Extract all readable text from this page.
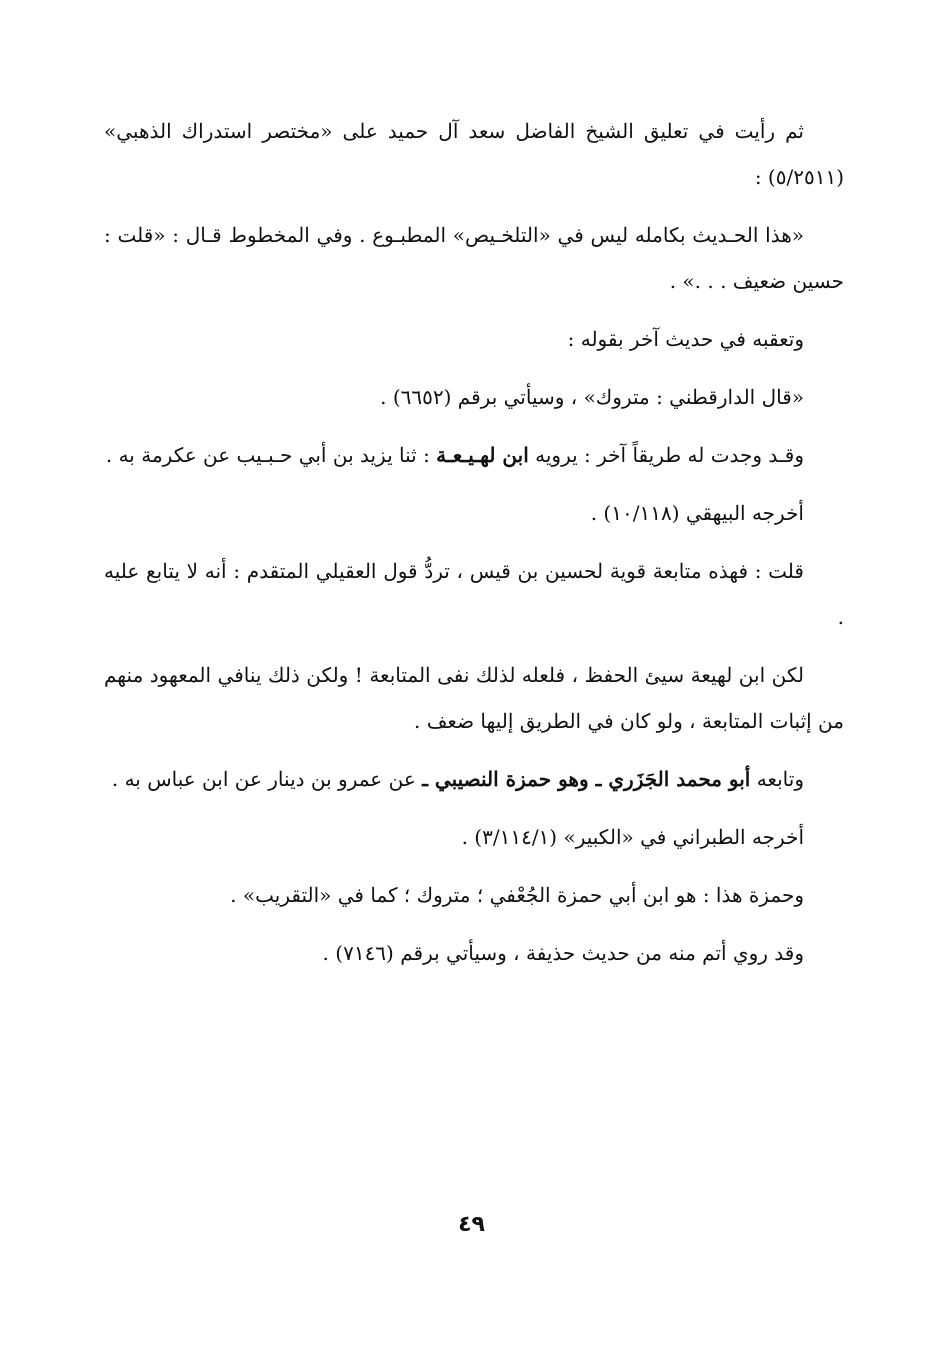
ثم رأيت في تعليق الشيخ الفاضل سعد آل حميد على «مختصر استدراك الذهبي» (٥/٢٥١١) :

«هذا الحـديث بكامله ليس في «التلخـيص» المطبـوع . وفي المخطوط قـال : «قلت : حسين ضعيف . . .» .

وتعقبه في حديث آخر بقوله :

«قال الدارقطني : متروك» ، وسيأتي برقم (٦٦٥٢) .

وقـد وجدت له طريقاً آخر : يرويه ابن لهـيـعـة : ثنا يزيد بن أبي حـبـيب عن عكرمة به .

أخرجه البيهقي (١٠/١١٨) .

قلت : فهذه متابعة قوية لحسين بن قيس ، تردُّ قول العقيلي المتقدم : أنه لا يتابع عليه .

لكن ابن لهيعة سيئ الحفظ ، فلعله لذلك نفى المتابعة ! ولكن ذلك ينافي المعهود منهم من إثبات المتابعة ، ولو كان في الطريق إليها ضعف .

وتابعه أبو محمد الجَزَري ـ وهو حمزة النصيبي ـ عن عمرو بن دينار عن ابن عباس به .

أخرجه الطبراني في «الكبير» (٣/١١٤/١) .

وحمزة هذا : هو ابن أبي حمزة الجُعْفي ؛ متروك ؛ كما في «التقريب» .

وقد روي أتم منه من حديث حذيفة ، وسيأتي برقم (٧١٤٦) .

٤٩
